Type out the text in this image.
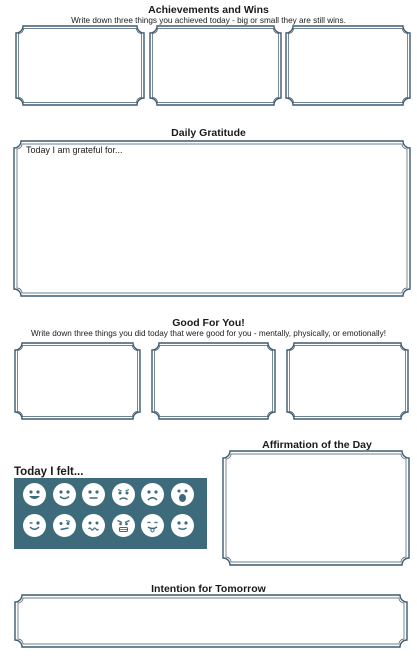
Achievements and Wins
Write down three things you achieved today - big or small they are still wins.
Daily Gratitude
Today I am grateful for...
Good For You!
Write down three things you did today that were good for you - mentally, physically, or emotionally!
Today I felt...
Affirmation of the Day
Intention for Tomorrow
